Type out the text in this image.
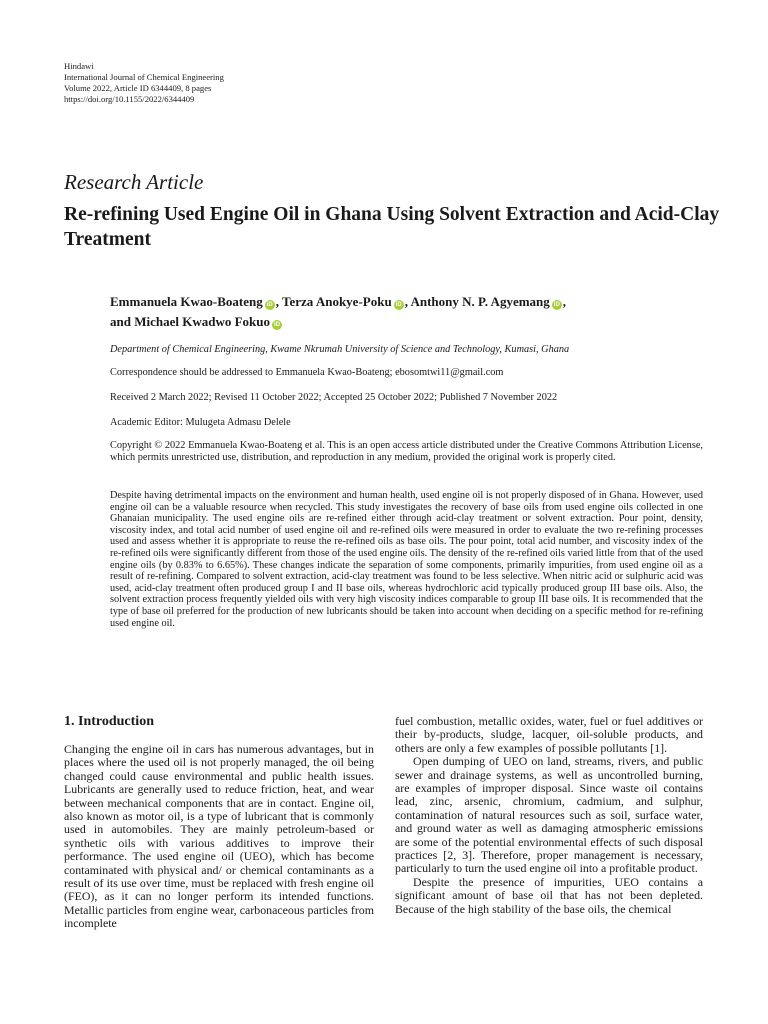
Hindawi
International Journal of Chemical Engineering
Volume 2022, Article ID 6344409, 8 pages
https://doi.org/10.1155/2022/6344409
Research Article
Re-refining Used Engine Oil in Ghana Using Solvent Extraction and Acid-Clay Treatment
Emmanuela Kwao-Boateng iD , Terza Anokye-Poku iD , Anthony N. P. Agyemang iD ,
and Michael Kwadwo Fokuo iD
Department of Chemical Engineering, Kwame Nkrumah University of Science and Technology, Kumasi, Ghana
Correspondence should be addressed to Emmanuela Kwao-Boateng; ebosomtwi11@gmail.com
Received 2 March 2022; Revised 11 October 2022; Accepted 25 October 2022; Published 7 November 2022
Academic Editor: Mulugeta Admasu Delele
Copyright © 2022 Emmanuela Kwao-Boateng et al. This is an open access article distributed under the Creative Commons Attribution License, which permits unrestricted use, distribution, and reproduction in any medium, provided the original work is properly cited.
Despite having detrimental impacts on the environment and human health, used engine oil is not properly disposed of in Ghana. However, used engine oil can be a valuable resource when recycled. This study investigates the recovery of base oils from used engine oils collected in one Ghanaian municipality. The used engine oils are re-refined either through acid-clay treatment or solvent extraction. Pour point, density, viscosity index, and total acid number of used engine oil and re-refined oils were measured in order to evaluate the two re-refining processes used and assess whether it is appropriate to reuse the re-refined oils as base oils. The pour point, total acid number, and viscosity index of the re-refined oils were significantly different from those of the used engine oils. The density of the re-refined oils varied little from that of the used engine oils (by 0.83% to 6.65%). These changes indicate the separation of some components, primarily impurities, from used engine oil as a result of re-refining. Compared to solvent extraction, acid-clay treatment was found to be less selective. When nitric acid or sulphuric acid was used, acid-clay treatment often produced group I and II base oils, whereas hydrochloric acid typically produced group III base oils. Also, the solvent extraction process frequently yielded oils with very high viscosity indices comparable to group III base oils. It is recommended that the type of base oil preferred for the production of new lubricants should be taken into account when deciding on a specific method for re-refining used engine oil.
1. Introduction

Changing the engine oil in cars has numerous advantages, but in places where the used oil is not properly managed, the oil being changed could cause environmental and public health issues. Lubricants are generally used to reduce friction, heat, and wear between mechanical components that are in contact. Engine oil, also known as motor oil, is a type of lubricant that is commonly used in automobiles. They are mainly petroleum-based or synthetic oils with various additives to improve their performance. The used engine oil (UEO), which has become contaminated with physical and/ or chemical contaminants as a result of its use over time, must be replaced with fresh engine oil (FEO), as it can no longer perform its intended functions. Metallic particles from engine wear, carbonaceous particles from incomplete

fuel combustion, metallic oxides, water, fuel or fuel additives or their by-products, sludge, lacquer, oil-soluble products, and others are only a few examples of possible pollutants [1].

Open dumping of UEO on land, streams, rivers, and public sewer and drainage systems, as well as uncontrolled burning, are examples of improper disposal. Since waste oil contains lead, zinc, arsenic, chromium, cadmium, and sulphur, contamination of natural resources such as soil, surface water, and ground water as well as damaging atmospheric emissions are some of the potential environmental effects of such disposal practices [2, 3]. Therefore, proper management is necessary, particularly to turn the used engine oil into a profitable product.

Despite the presence of impurities, UEO contains a significant amount of base oil that has not been depleted. Because of the high stability of the base oils, the chemical
